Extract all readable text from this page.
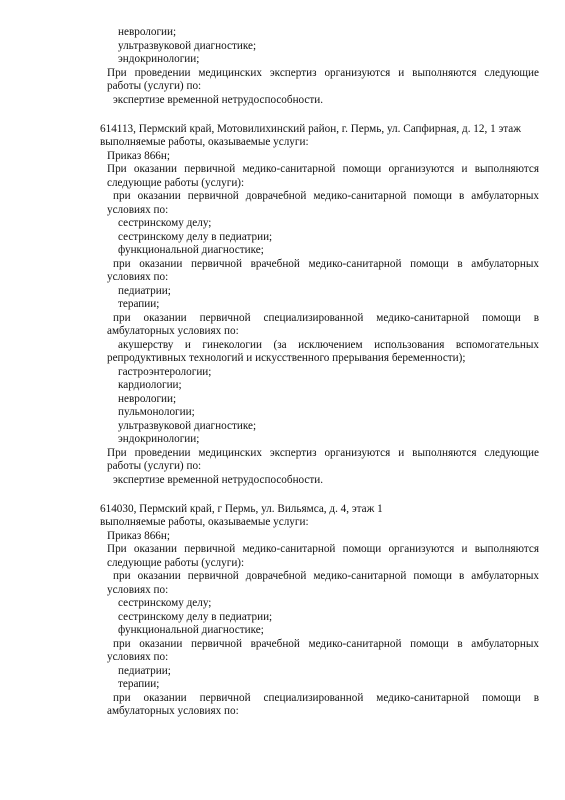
неврологии;
ультразвуковой диагностике;
эндокринологии;
При проведении медицинских экспертиз организуются и выполняются следующие
работы (услуги) по:
экспертизе временной нетрудоспособности.
614113, Пермский край, Мотовилихинский район, г. Пермь, ул. Сапфирная, д. 12, 1 этаж
выполняемые работы, оказываемые услуги:
Приказ 866н;
При оказании первичной медико-санитарной помощи организуются и выполняются
следующие работы (услуги):
при оказании первичной доврачебной медико-санитарной помощи в амбулаторных
условиях по:
сестринскому делу;
сестринскому делу в педиатрии;
функциональной диагностике;
при оказании первичной врачебной медико-санитарной помощи в амбулаторных
условиях по:
педиатрии;
терапии;
при оказании первичной специализированной медико-санитарной помощи в
амбулаторных условиях по:
акушерству и гинекологии (за исключением использования вспомогательных
репродуктивных технологий и искусственного прерывания беременности);
гастроэнтерологии;
кардиологии;
неврологии;
пульмонологии;
ультразвуковой диагностике;
эндокринологии;
При проведении медицинских экспертиз организуются и выполняются следующие
работы (услуги) по:
экспертизе временной нетрудоспособности.
614030, Пермский край, г Пермь, ул. Вильямса, д. 4, этаж 1
выполняемые работы, оказываемые услуги:
Приказ 866н;
При оказании первичной медико-санитарной помощи организуются и выполняются
следующие работы (услуги):
при оказании первичной доврачебной медико-санитарной помощи в амбулаторных
условиях по:
сестринскому делу;
сестринскому делу в педиатрии;
функциональной диагностике;
при оказании первичной врачебной медико-санитарной помощи в амбулаторных
условиях по:
педиатрии;
терапии;
при оказании первичной специализированной медико-санитарной помощи в
амбулаторных условиях по:
